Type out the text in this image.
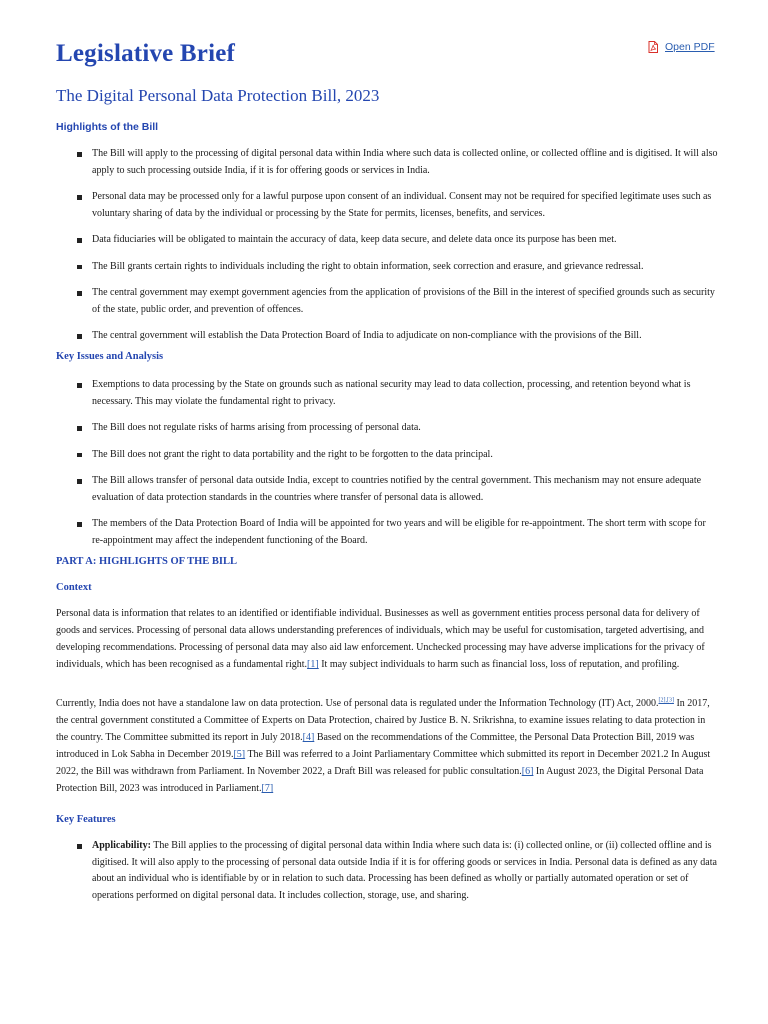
Legislative Brief	Open PDF
The Digital Personal Data Protection Bill, 2023
Highlights of the Bill
The Bill will apply to the processing of digital personal data within India where such data is collected online, or collected offline and is digitised. It will also apply to such processing outside India, if it is for offering goods or services in India.
Personal data may be processed only for a lawful purpose upon consent of an individual. Consent may not be required for specified legitimate uses such as voluntary sharing of data by the individual or processing by the State for permits, licenses, benefits, and services.
Data fiduciaries will be obligated to maintain the accuracy of data, keep data secure, and delete data once its purpose has been met.
The Bill grants certain rights to individuals including the right to obtain information, seek correction and erasure, and grievance redressal.
The central government may exempt government agencies from the application of provisions of the Bill in the interest of specified grounds such as security of the state, public order, and prevention of offences.
The central government will establish the Data Protection Board of India to adjudicate on non-compliance with the provisions of the Bill.
Key Issues and Analysis
Exemptions to data processing by the State on grounds such as national security may lead to data collection, processing, and retention beyond what is necessary. This may violate the fundamental right to privacy.
The Bill does not regulate risks of harms arising from processing of personal data.
The Bill does not grant the right to data portability and the right to be forgotten to the data principal.
The Bill allows transfer of personal data outside India, except to countries notified by the central government. This mechanism may not ensure adequate evaluation of data protection standards in the countries where transfer of personal data is allowed.
The members of the Data Protection Board of India will be appointed for two years and will be eligible for re-appointment. The short term with scope for re-appointment may affect the independent functioning of the Board.
PART A: HIGHLIGHTS OF THE BILL
Context

Personal data is information that relates to an identified or identifiable individual. Businesses as well as government entities process personal data for delivery of goods and services. Processing of personal data allows understanding preferences of individuals, which may be useful for customisation, targeted advertising, and developing recommendations. Processing of personal data may also aid law enforcement. Unchecked processing may have adverse implications for the privacy of individuals, which has been recognised as a fundamental right.[1] It may subject individuals to harm such as financial loss, loss of reputation, and profiling.

Currently, India does not have a standalone law on data protection. Use of personal data is regulated under the Information Technology (IT) Act, 2000.[2],[3] In 2017, the central government constituted a Committee of Experts on Data Protection, chaired by Justice B. N. Srikrishna, to examine issues relating to data protection in the country. The Committee submitted its report in July 2018.[4] Based on the recommendations of the Committee, the Personal Data Protection Bill, 2019 was introduced in Lok Sabha in December 2019.[5] The Bill was referred to a Joint Parliamentary Committee which submitted its report in December 2021.2 In August 2022, the Bill was withdrawn from Parliament. In November 2022, a Draft Bill was released for public consultation.[6] In August 2023, the Digital Personal Data Protection Bill, 2023 was introduced in Parliament.[7]

Key Features
Applicability: The Bill applies to the processing of digital personal data within India where such data is: (i) collected online, or (ii) collected offline and is digitised. It will also apply to the processing of personal data outside India if it is for offering goods or services in India. Personal data is defined as any data about an individual who is identifiable by or in relation to such data. Processing has been defined as wholly or partially automated operation or set of operations performed on digital personal data. It includes collection, storage, use, and sharing.
